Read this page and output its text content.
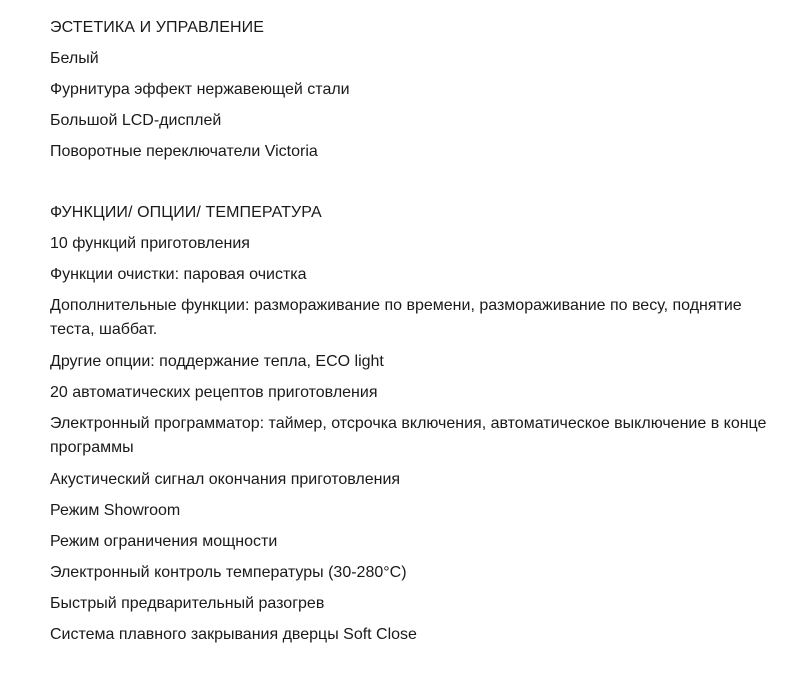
ЭСТЕТИКА И УПРАВЛЕНИЕ
Белый
Фурнитура эффект нержавеющей стали
Большой LCD-дисплей
Поворотные переключатели Victoria
ФУНКЦИИ/ ОПЦИИ/ ТЕМПЕРАТУРА
10 функций приготовления
Функции очистки: паровая очистка
Дополнительные функции: размораживание по времени, размораживание по весу, поднятие теста, шаббат.
Другие опции: поддержание тепла, ECO light
20 автоматических рецептов приготовления
Электронный программатор: таймер, отсрочка включения, автоматическое выключение в конце программы
Акустический сигнал окончания приготовления
Режим Showroom
Режим ограничения мощности
Электронный контроль температуры (30-280°C)
Быстрый предварительный разогрев
Система плавного закрывания дверцы Soft Close
